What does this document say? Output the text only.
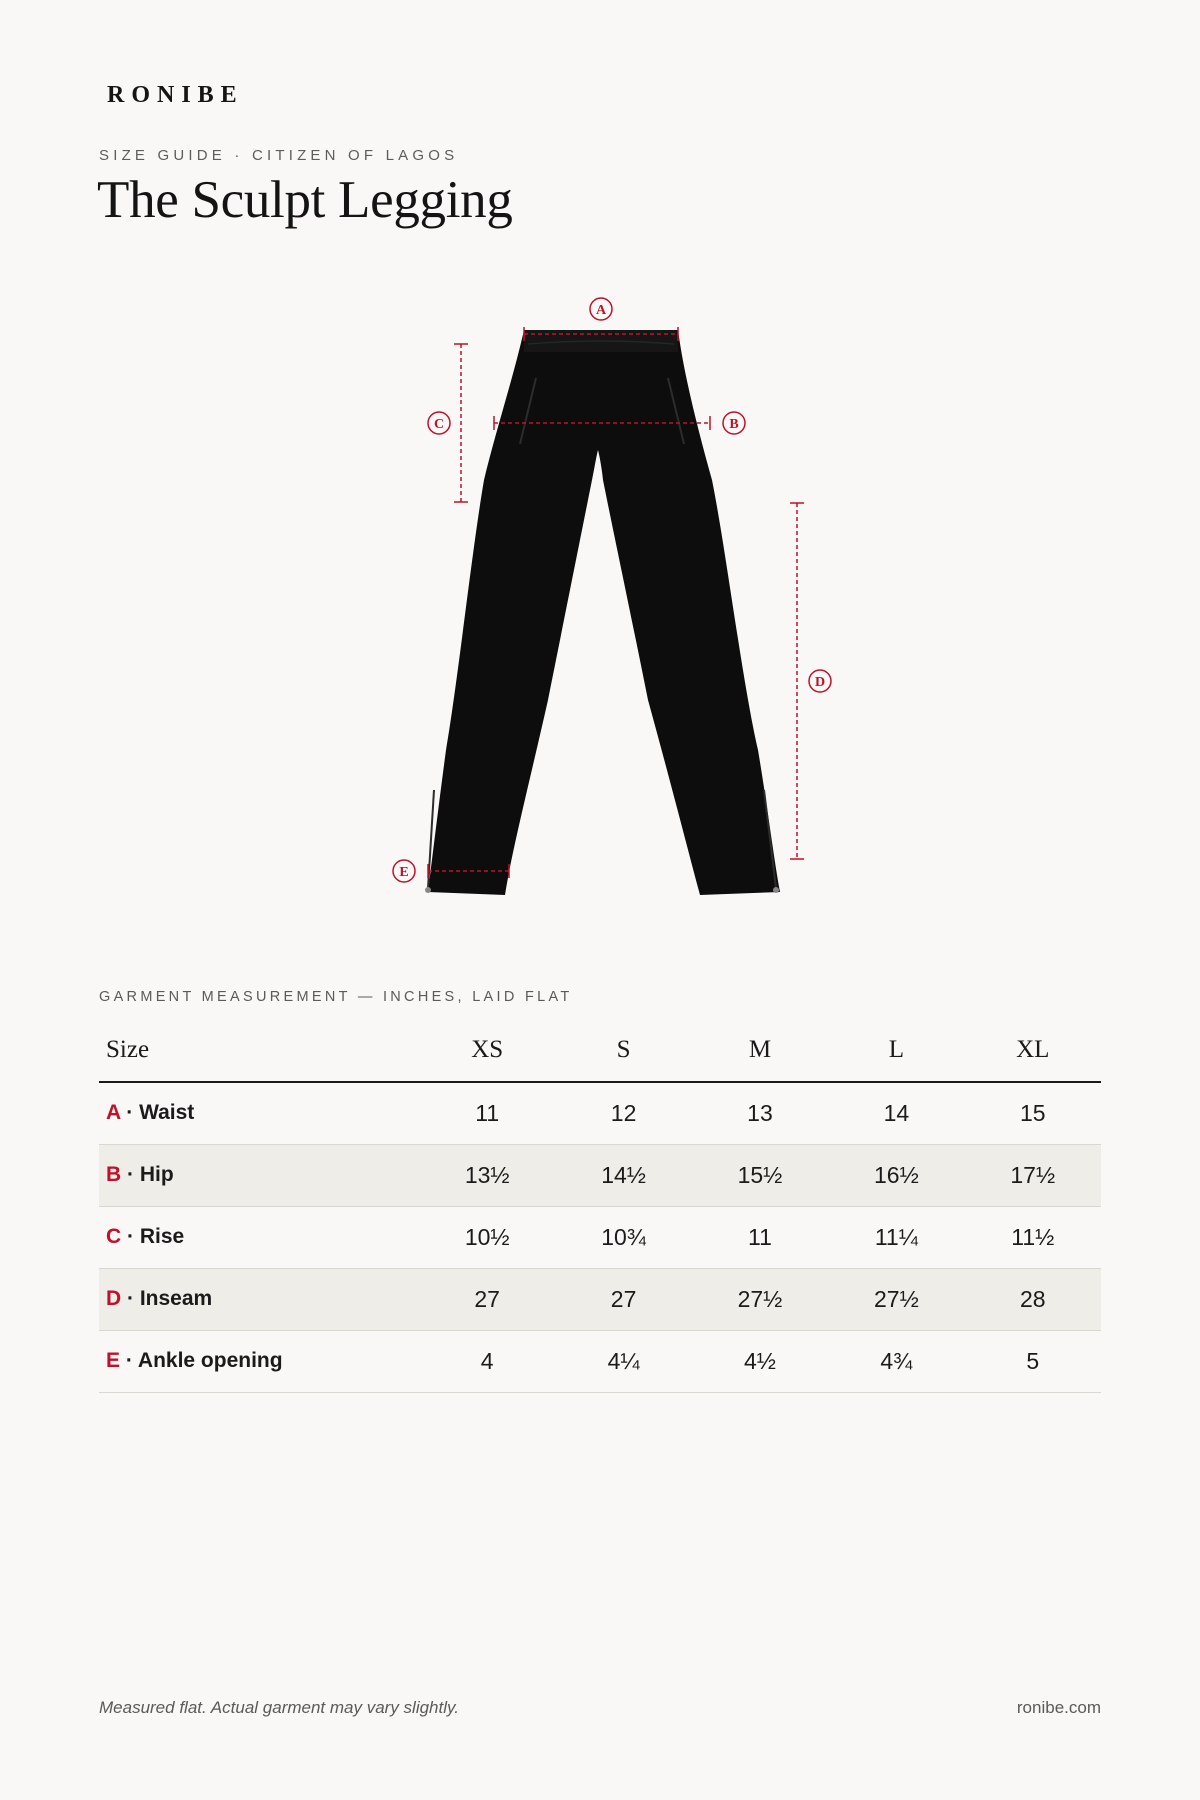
RONIBE
SIZE GUIDE · CITIZEN OF LAGOS
The Sculpt Legging
A
B
C
D
E
GARMENT MEASUREMENT — INCHES, LAID FLAT
Size	XS	S	M	L	XL
A · Waist	11	12	13	14	15
B · Hip	13½	14½	15½	16½	17½
C · Rise	10½	10¾	11	11¼	11½
D · Inseam	27	27	27½	27½	28
E · Ankle opening	4	4¼	4½	4¾	5
Measured flat. Actual garment may vary slightly.	ronibe.com
